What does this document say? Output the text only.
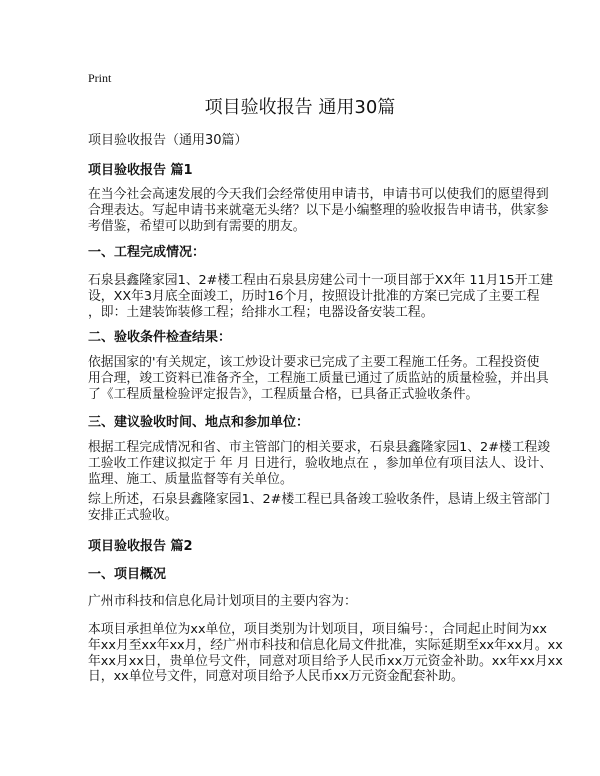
Print
项目验收报告 通用30篇
项目验收报告（通用30篇）
项目验收报告 篇1
在当今社会高速发展的今天我们会经常使用申请书，申请书可以使我们的愿望得到
合理表达。写起申请书来就毫无头绪？以下是小编整理的验收报告申请书，供家参
考借鉴，希望可以助到有需要的朋友。
一、工程完成情况：
石泉县鑫隆家园1、2#楼工程由石泉县房建公司十一项目部于XX年 11月15开工建
设，XX年3月底全面竣工，历时16个月，按照设计批准的方案已完成了主要工程
，即：土建装饰装修工程；给排水工程；电器设备安装工程。
二、验收条件检查结果：
依据国家的'有关规定，该工炒设计要求已完成了主要工程施工任务。工程投资使
用合理，竣工资料已准备齐全，工程施工质量已通过了质监站的质量检验，并出具
了《工程质量检验评定报告》，工程质量合格，已具备正式验收条件。
三、建议验收时间、地点和参加单位：
根据工程完成情况和省、市主管部门的相关要求，石泉县鑫隆家园1、2#楼工程竣
工验收工作建议拟定于 年 月 日进行，验收地点在 ，参加单位有项目法人、设计、
监理、施工、质量监督等有关单位。
综上所述，石泉县鑫隆家园1、2#楼工程已具备竣工验收条件，恳请上级主管部门
安排正式验收。
项目验收报告 篇2
一、项目概况
广州市科技和信息化局计划项目的主要内容为：
本项目承担单位为xx单位，项目类别为计划项目，项目编号：，合同起止时间为xx
年xx月至xx年xx月，经广州市科技和信息化局文件批准，实际延期至xx年xx月。xx
年xx月xx日，贵单位号文件，同意对项目给予人民币xx万元资金补助。xx年xx月xx
日，xx单位号文件，同意对项目给予人民币xx万元资金配套补助。
